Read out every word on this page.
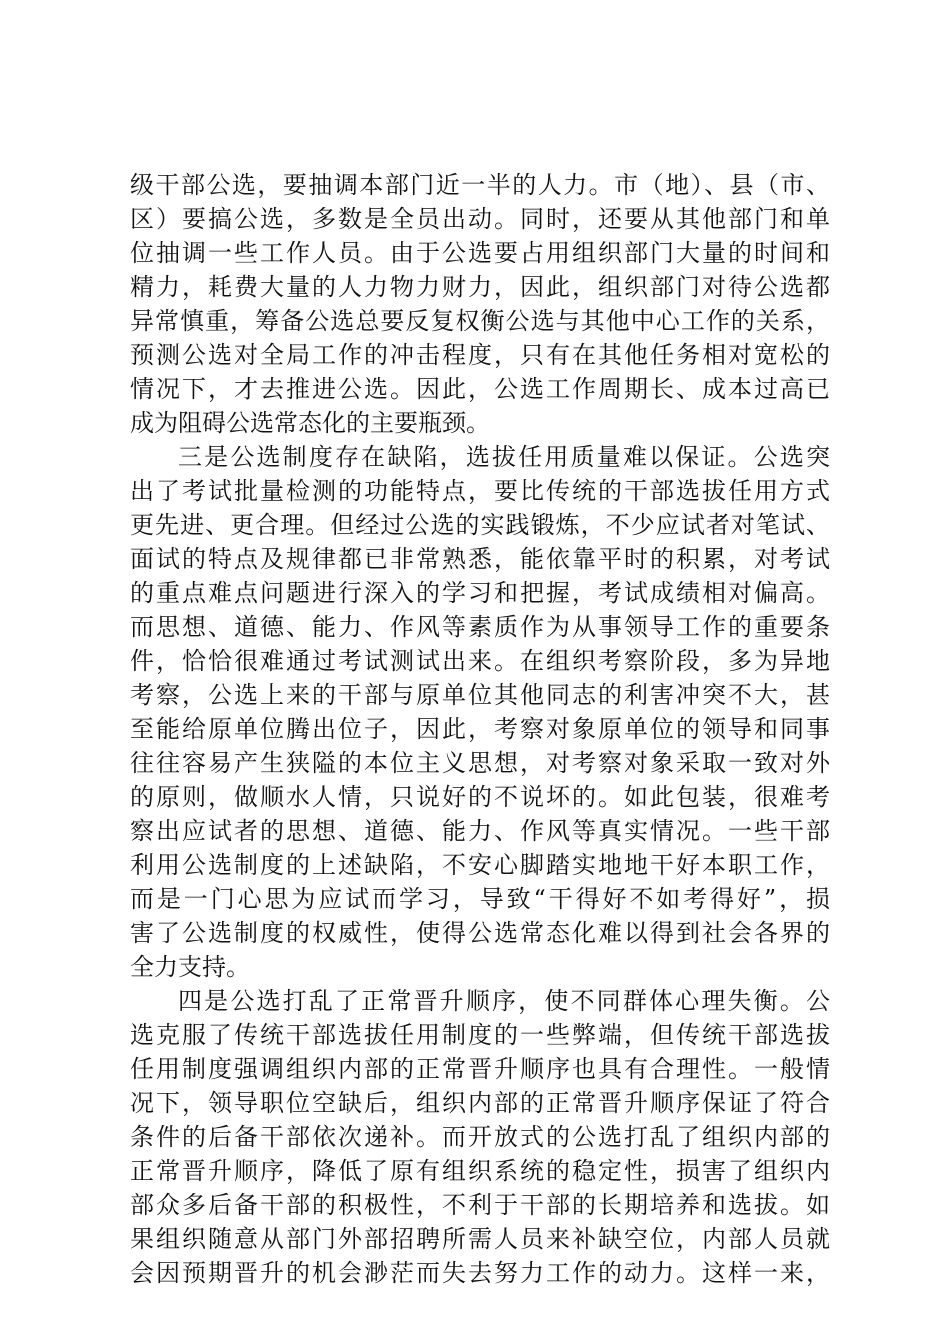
级干部公选，要抽调本部门近一半的人力。市（地）、县（市、
区）要搞公选，多数是全员出动。同时，还要从其他部门和单
位抽调一些工作人员。由于公选要占用组织部门大量的时间和
精力，耗费大量的人力物力财力，因此，组织部门对待公选都
异常慎重，筹备公选总要反复权衡公选与其他中心工作的关系，
预测公选对全局工作的冲击程度，只有在其他任务相对宽松的
情况下，才去推进公选。因此，公选工作周期长、成本过高已
成为阻碍公选常态化的主要瓶颈。
三是公选制度存在缺陷，选拔任用质量难以保证。公选突
出了考试批量检测的功能特点，要比传统的干部选拔任用方式
更先进、更合理。但经过公选的实践锻炼，不少应试者对笔试、
面试的特点及规律都已非常熟悉，能依靠平时的积累，对考试
的重点难点问题进行深入的学习和把握，考试成绩相对偏高。
而思想、道德、能力、作风等素质作为从事领导工作的重要条
件，恰恰很难通过考试测试出来。在组织考察阶段，多为异地
考察，公选上来的干部与原单位其他同志的利害冲突不大，甚
至能给原单位腾出位子，因此，考察对象原单位的领导和同事
往往容易产生狭隘的本位主义思想，对考察对象采取一致对外
的原则，做顺水人情，只说好的不说坏的。如此包装，很难考
察出应试者的思想、道德、能力、作风等真实情况。一些干部
利用公选制度的上述缺陷，不安心脚踏实地地干好本职工作，
而是一门心思为应试而学习，导致“干得好不如考得好”，损
害了公选制度的权威性，使得公选常态化难以得到社会各界的
全力支持。
四是公选打乱了正常晋升顺序，使不同群体心理失衡。公
选克服了传统干部选拔任用制度的一些弊端，但传统干部选拔
任用制度强调组织内部的正常晋升顺序也具有合理性。一般情
况下，领导职位空缺后，组织内部的正常晋升顺序保证了符合
条件的后备干部依次递补。而开放式的公选打乱了组织内部的
正常晋升顺序，降低了原有组织系统的稳定性，损害了组织内
部众多后备干部的积极性，不利于干部的长期培养和选拔。如
果组织随意从部门外部招聘所需人员来补缺空位，内部人员就
会因预期晋升的机会渺茫而失去努力工作的动力。这样一来，
